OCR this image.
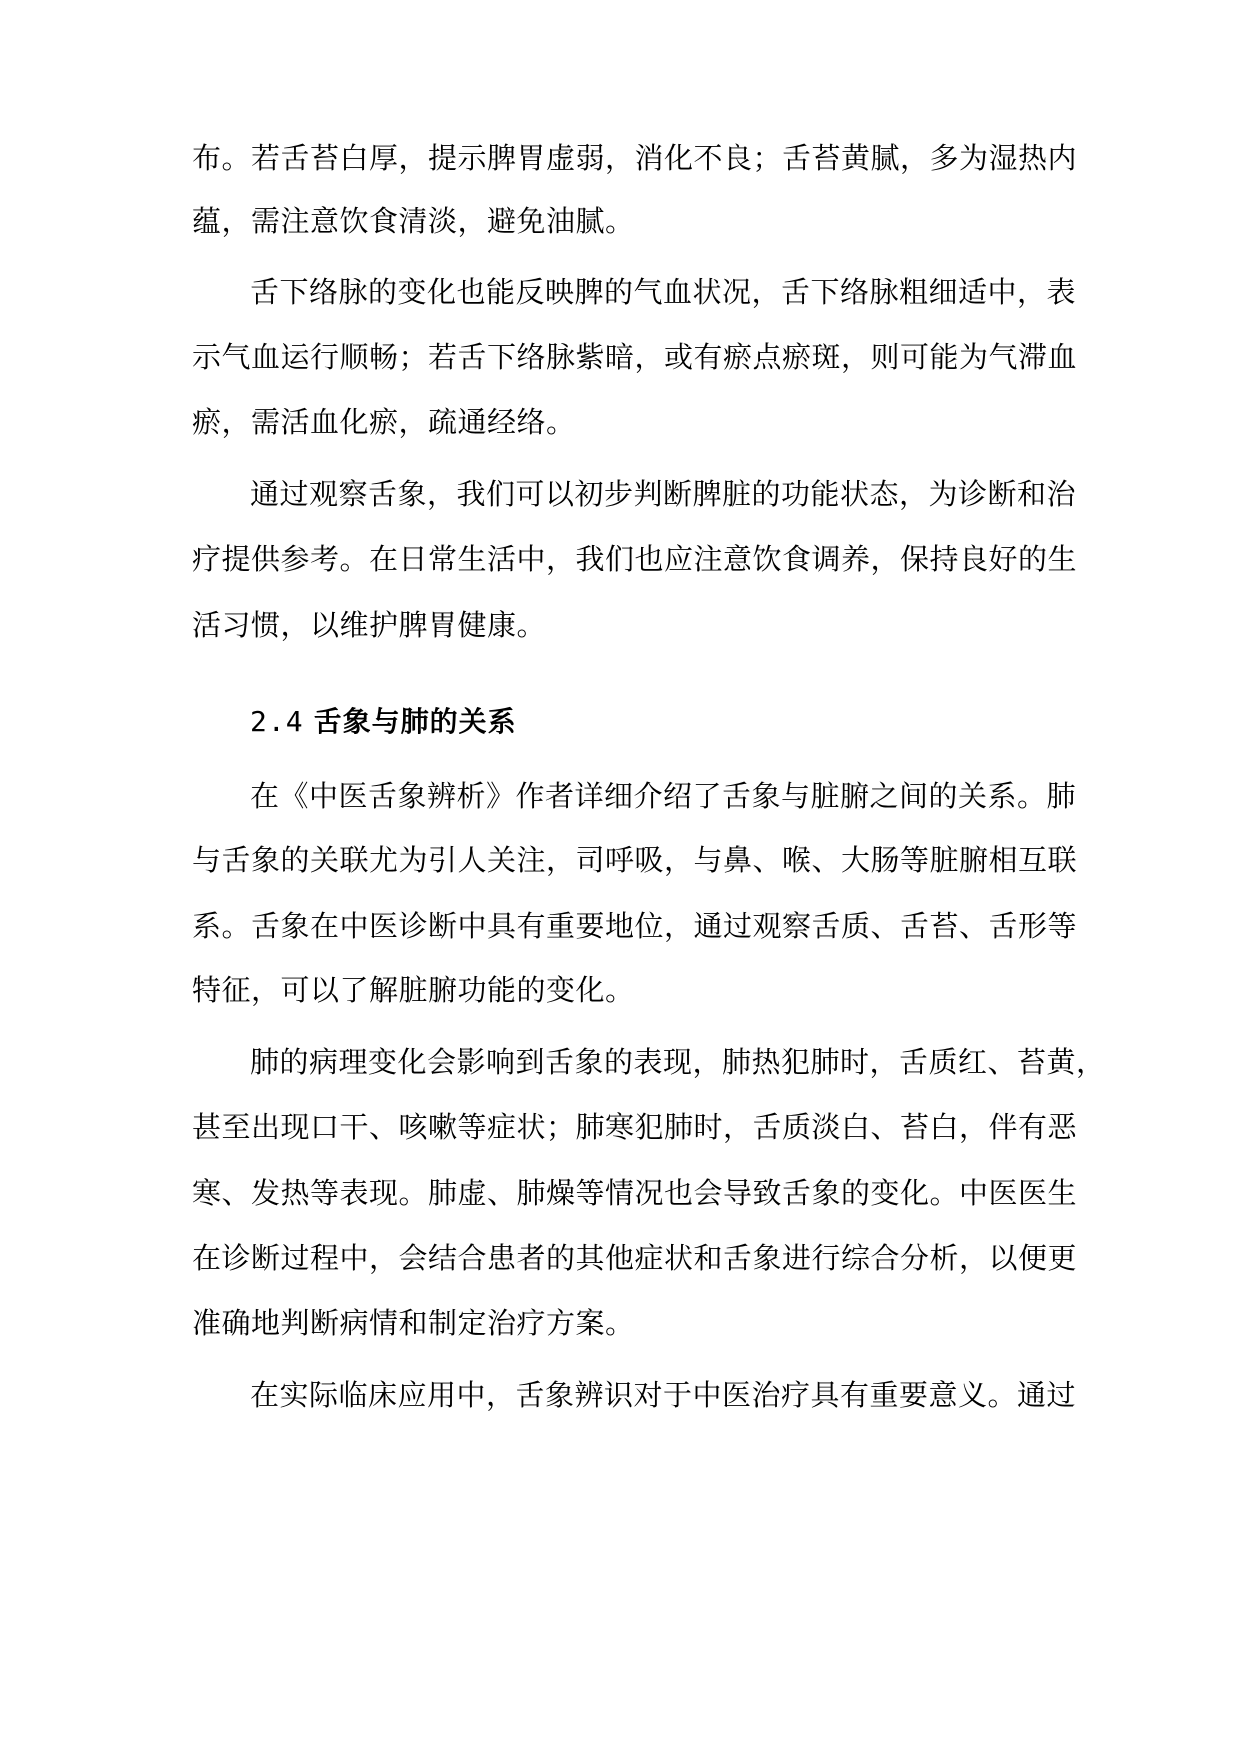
布。若舌苔白厚，提示脾胃虚弱，消化不良；舌苔黄腻，多为湿热内
蕴，需注意饮食清淡，避免油腻。
舌下络脉的变化也能反映脾的气血状况，舌下络脉粗细适中，表
示气血运行顺畅；若舌下络脉紫暗，或有瘀点瘀斑，则可能为气滞血
瘀，需活血化瘀，疏通经络。
通过观察舌象，我们可以初步判断脾脏的功能状态，为诊断和治
疗提供参考。在日常生活中，我们也应注意饮食调养，保持良好的生
活习惯，以维护脾胃健康。
2.4 舌象与肺的关系
在《中医舌象辨析》作者详细介绍了舌象与脏腑之间的关系。肺
与舌象的关联尤为引人关注，司呼吸，与鼻、喉、大肠等脏腑相互联
系。舌象在中医诊断中具有重要地位，通过观察舌质、舌苔、舌形等
特征，可以了解脏腑功能的变化。
肺的病理变化会影响到舌象的表现，肺热犯肺时，舌质红、苔黄，
甚至出现口干、咳嗽等症状；肺寒犯肺时，舌质淡白、苔白，伴有恶
寒、发热等表现。肺虚、肺燥等情况也会导致舌象的变化。中医医生
在诊断过程中，会结合患者的其他症状和舌象进行综合分析，以便更
准确地判断病情和制定治疗方案。
在实际临床应用中，舌象辨识对于中医治疗具有重要意义。通过
